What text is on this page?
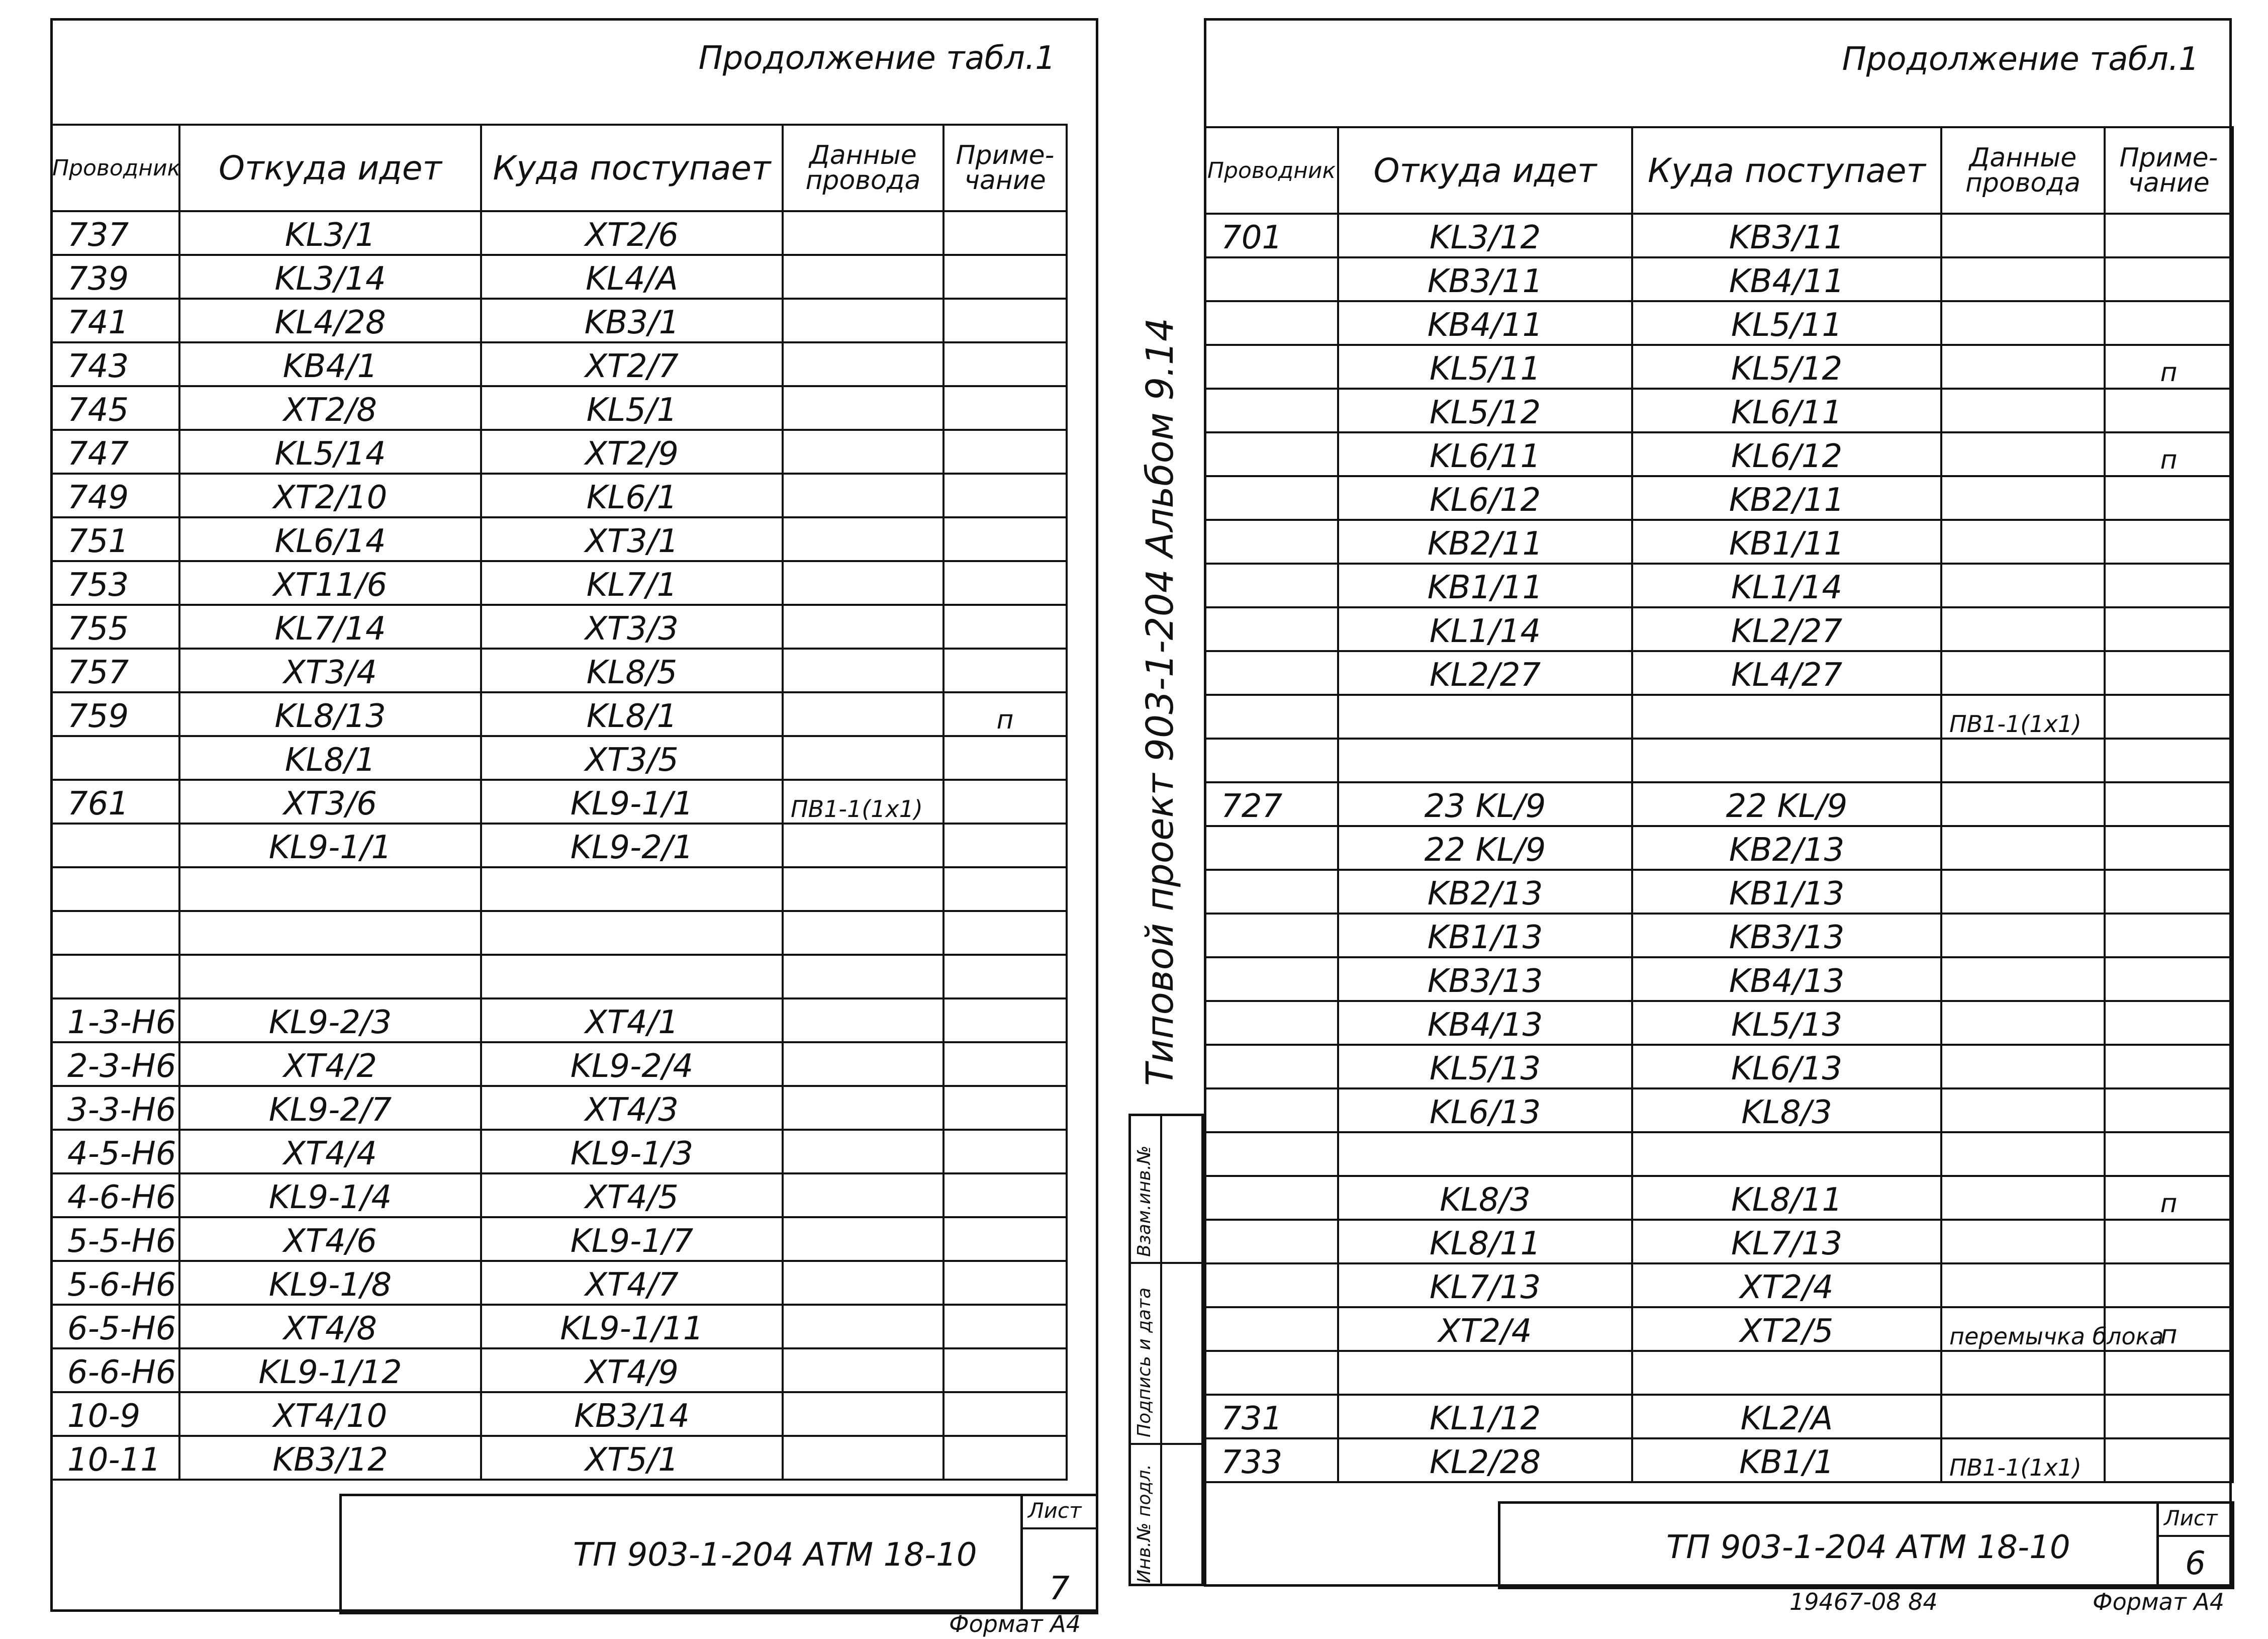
Продолжение табл.1
Проводник	Откуда идет	Куда поступает	Данные провода	Приме- чание
737	KL3/1	XT2/6		
739	KL3/14	KL4/A		
741	KL4/28	KB3/1		
743	KB4/1	XT2/7		
745	XT2/8	KL5/1		
747	KL5/14	XT2/9		
749	XT2/10	KL6/1		
751	KL6/14	XT3/1		
753	XT11/6	KL7/1		
755	KL7/14	XT3/3		
757	XT3/4	KL8/5		
759	KL8/13	KL8/1		п
	KL8/1	XT3/5		
761	XT3/6	KL9-1/1	ПВ1-1(1x1)	
	KL9-1/1	KL9-2/1		

1-3-Н6	KL9-2/3	XT4/1		
2-3-Н6	XT4/2	KL9-2/4		
3-3-Н6	KL9-2/7	XT4/3		
4-5-Н6	XT4/4	KL9-1/3		
4-6-Н6	KL9-1/4	XT4/5		
5-5-Н6	XT4/6	KL9-1/7		
5-6-Н6	KL9-1/8	XT4/7		
6-5-Н6	XT4/8	KL9-1/11		
6-6-Н6	KL9-1/12	XT4/9		
10-9	XT4/10	KB3/14		
10-11	KB3/12	XT5/1		
ТП 903-1-204 АТМ 18-10
Лист
7
Формат А4
Продолжение табл.1
Проводник	Откуда идет	Куда поступает	Данные провода	Приме- чание
701	KL3/12	KB3/11		
	KB3/11	KB4/11		
	KB4/11	KL5/11		
	KL5/11	KL5/12		п
	KL5/12	KL6/11		
	KL6/11	KL6/12		п
	KL6/12	KB2/11		
	KB2/11	KB1/11		
	KB1/11	KL1/14		
	KL1/14	KL2/27		
	KL2/27	KL4/27		
			ПВ1-1(1x1)	

727	23 KL/9	22 KL/9		
	22 KL/9	KB2/13		
	KB2/13	KB1/13		
	KB1/13	KB3/13		
	KB3/13	KB4/13		
	KB4/13	KL5/13		
	KL5/13	KL6/13		
	KL6/13	KL8/3		

	KL8/3	KL8/11		п
	KL8/11	KL7/13		
	KL7/13	XT2/4		
	XT2/4	XT2/5	перемычка блока	п

731	KL1/12	KL2/A		
733	KL2/28	KB1/1	ПВ1-1(1x1)	
ТП 903-1-204 АТМ 18-10
Лист
6
19467-08 84	Формат А4
Типовой проект 903-1-204 Альбом 9.14
Взам.инв.№
Подпись и дата
Инв.№ подл.
